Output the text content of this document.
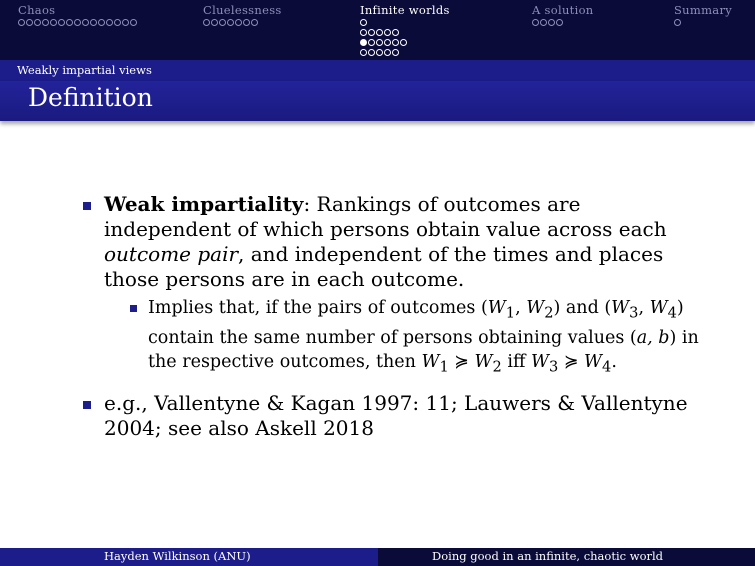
Chaos	Cluelessness	Infinite worlds	A solution	Summary
Weakly impartial views
Definition
Weak impartiality: Rankings of outcomes are independent of which persons obtain value across each outcome pair, and independent of the times and places those persons are in each outcome.
Implies that, if the pairs of outcomes ($W_1$, $W_2$) and ($W_3$, $W_4$) contain the same number of persons obtaining values (a, b) in the respective outcomes, then $W_1$ ≽ $W_2$ iff $W_3$ ≽ $W_4$.
e.g., Vallentyne & Kagan 1997: 11; Lauwers & Vallentyne 2004; see also Askell 2018
Hayden Wilkinson (ANU)	Doing good in an infinite, chaotic world
